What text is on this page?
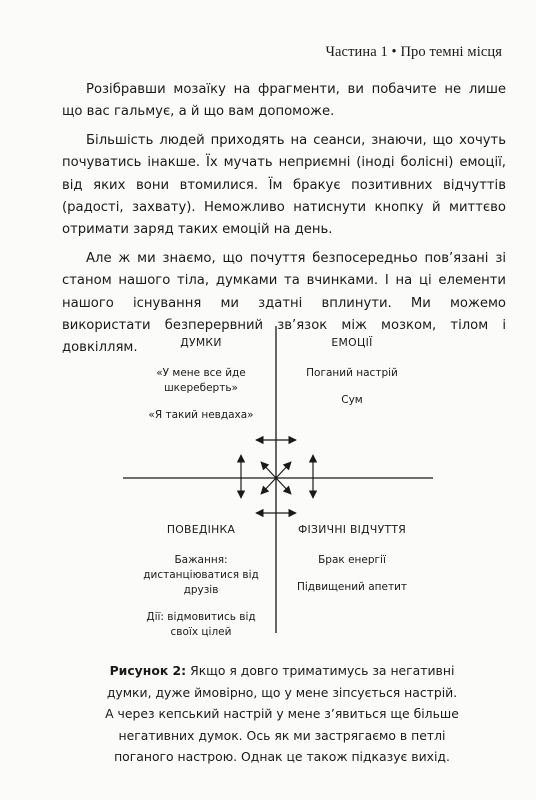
Частина 1 • Про темні місця

Розібравши мозаїку на фрагменти, ви побачите не лише що вас гальмує, а й що вам допоможе.

Більшість людей приходять на сеанси, знаючи, що хочуть почуватись інакше. Їх мучать неприємні (іноді болісні) емоції, від яких вони втомилися. Їм бракує позитивних відчуттів (радості, захвату). Неможливо натиснути кнопку й миттєво отримати заряд таких емоцій на день.

Але ж ми знаємо, що почуття безпосередньо пов’язані зі станом нашого тіла, думками та вчинками. І на ці елементи нашого існування ми здатні вплинути. Ми можемо використати безперервний зв’язок між мозком, тілом і довкіллям.	ДУМКИ
«У мене все йде шкереберть»
«Я такий невдаха»
ЕМОЦІЇ
Поганий настрій
Сум
ПОВЕДІНКА
Бажання: дистанціюватися від друзів
Дії: відмовитись від своїх цілей
ФІЗИЧНІ ВІДЧУТТЯ
Брак енергії
Підвищений апетит
Рисунок 2: Якщо я довго триматимусь за негативні думки, дуже ймовірно, що у мене зіпсується настрій. А через кепський настрій у мене з’явиться ще більше негативних думок. Ось як ми застрягаємо в петлі поганого настрою. Однак це також підказує вихід.
